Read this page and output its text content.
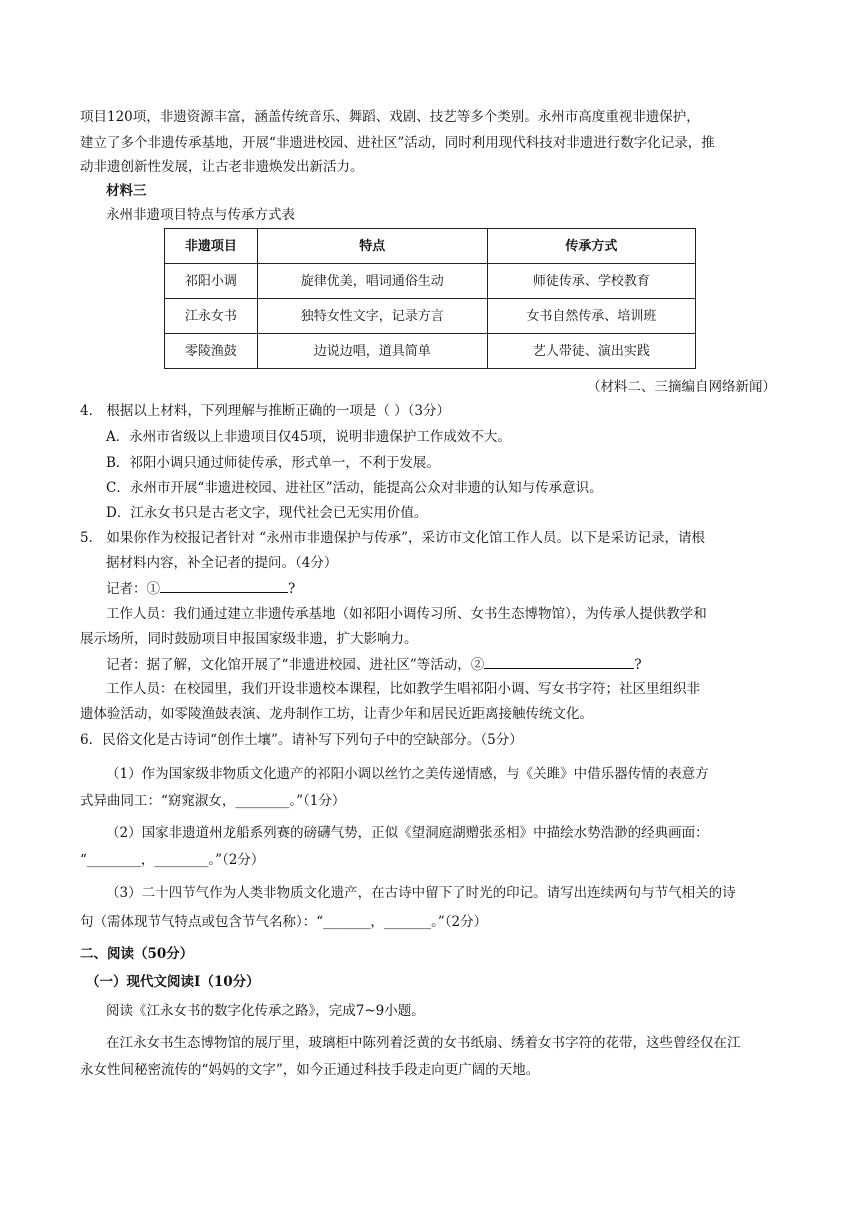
项目120项，非遗资源丰富，涵盖传统音乐、舞蹈、戏剧、技艺等多个类别。永州市高度重视非遗保护，
建立了多个非遗传承基地，开展“非遗进校园、进社区”活动，同时利用现代科技对非遗进行数字化记录，推
动非遗创新性发展，让古老非遗焕发出新活力。
材料三
永州非遗项目特点与传承方式表
非遗项目	特点	传承方式
祁阳小调	旋律优美，唱词通俗生动	师徒传承、学校教育
江永女书	独特女性文字，记录方言	女书自然传承、培训班
零陵渔鼓	边说边唱，道具简单	艺人带徒、演出实践
（材料二、三摘编自网络新闻）
4． 根据以上材料，下列理解与推断正确的一项是（ ）（3分）
A．永州市省级以上非遗项目仅45项，说明非遗保护工作成效不大。
B．祁阳小调只通过师徒传承，形式单一，不利于发展。
C．永州市开展“非遗进校园、进社区”活动，能提高公众对非遗的认知与传承意识。
D．江永女书只是古老文字，现代社会已无实用价值。
5． 如果你作为校报记者针对 “永州市非遗保护与传承”，采访市文化馆工作人员。以下是采访记录，请根
据材料内容，补全记者的提问。（4分）
记者：①	?
工作人员：我们通过建立非遗传承基地（如祁阳小调传习所、女书生态博物馆），为传承人提供教学和
展示场所，同时鼓励项目申报国家级非遗，扩大影响力。
记者：据了解，文化馆开展了“非遗进校园、进社区”等活动，②	?
工作人员：在校园里，我们开设非遗校本课程，比如教学生唱祁阳小调、写女书字符；社区里组织非
遗体验活动，如零陵渔鼓表演、龙舟制作工坊，让青少年和居民近距离接触传统文化。
6．民俗文化是古诗词“创作土壤”。请补写下列句子中的空缺部分。（5分）
（1）作为国家级非物质文化遗产的祁阳小调以丝竹之美传递情感，与《关雎》中借乐器传情的表意方
式异曲同工：“窈窕淑女，________。”（1分）
（2）国家非遗道州龙船系列赛的磅礴气势，正似《望洞庭湖赠张丞相》中描绘水势浩渺的经典画面：
“________，________。”（2分）
（3）二十四节气作为人类非物质文化遗产，在古诗中留下了时光的印记。请写出连续两句与节气相关的诗
句（需体现节气特点或包含节气名称）：“_______，_______。”（2分）
二、阅读（50分）
（一）现代文阅读Ⅰ（10分）
阅读《江永女书的数字化传承之路》，完成7~9小题。
在江永女书生态博物馆的展厅里，玻璃柜中陈列着泛黄的女书纸扇、绣着女书字符的花带，这些曾经仅在江
永女性间秘密流传的“妈妈的文字”，如今正通过科技手段走向更广阔的天地。
